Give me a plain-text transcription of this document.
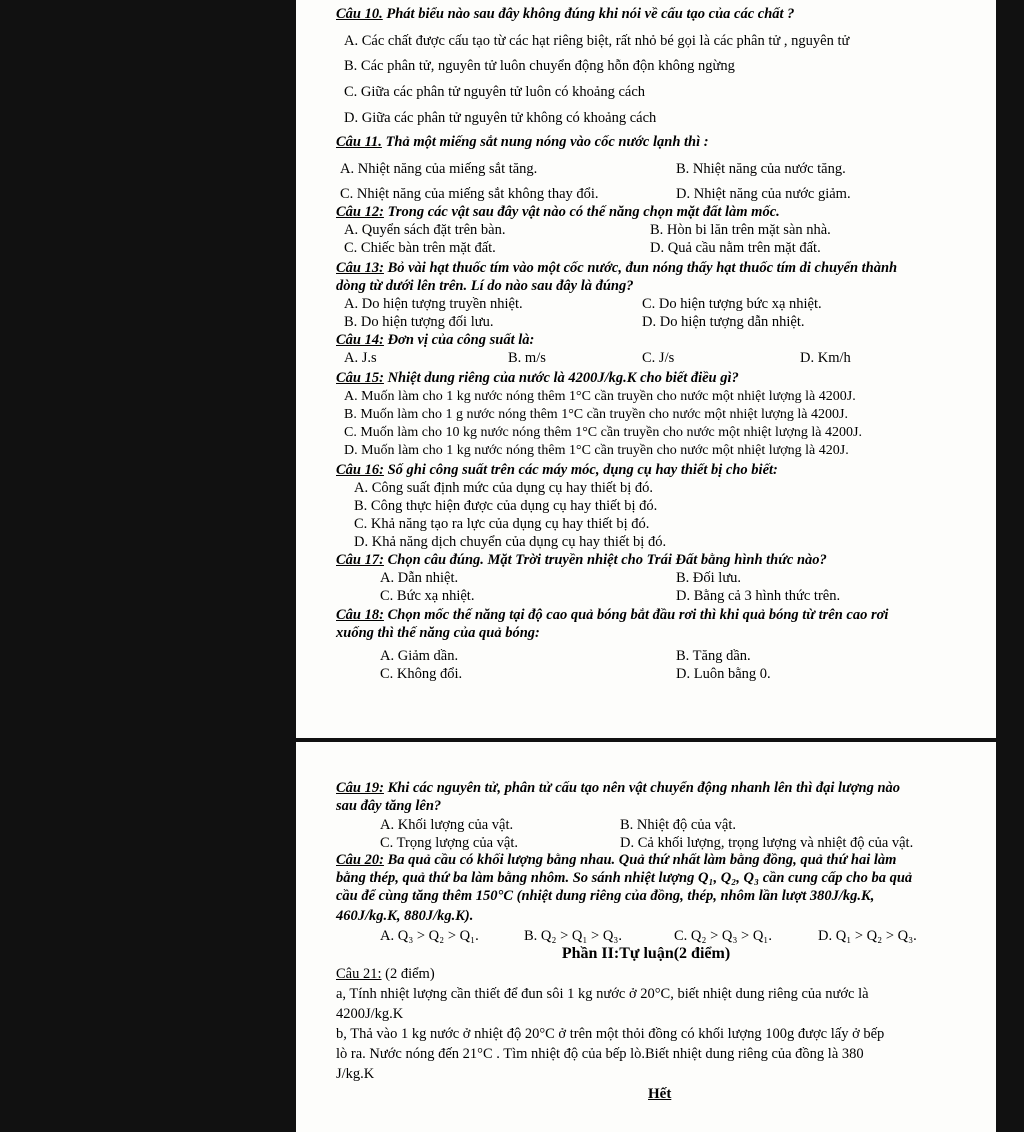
Câu 10. Phát biểu nào sau đây không đúng khi nói về cấu tạo của các chất ?
A. Các chất được cấu tạo từ các hạt riêng biệt, rất nhỏ bé gọi là các phân tử , nguyên tử
B. Các phân tử, nguyên tử luôn chuyển động hỗn độn không ngừng
C. Giữa các phân tử nguyên tử luôn có khoảng cách
D. Giữa các phân tử nguyên tử không có khoảng cách
Câu 11. Thả một miếng sắt nung nóng vào cốc nước lạnh thì :
A. Nhiệt năng của miếng sắt tăng.	B. Nhiệt năng của nước tăng.
C. Nhiệt năng của miếng sắt không thay đổi.	D. Nhiệt năng của nước giảm.
Câu 12: Trong các vật sau đây vật nào có thế năng chọn mặt đất làm mốc.
A. Quyển sách đặt trên bàn.	B. Hòn bi lăn trên mặt sàn nhà.
C. Chiếc bàn trên mặt đất.	D. Quả cầu nằm trên mặt đất.
Câu 13: Bỏ vài hạt thuốc tím vào một cốc nước, đun nóng thấy hạt thuốc tím di chuyển thành
dòng từ dưới lên trên. Lí do nào sau đây là đúng?
A. Do hiện tượng truyền nhiệt.	C. Do hiện tượng bức xạ nhiệt.
B. Do hiện tượng đối lưu.	D. Do hiện tượng dẫn nhiệt.
Câu 14: Đơn vị của công suất là:
A. J.s	B. m/s	C. J/s	D. Km/h
Câu 15: Nhiệt dung riêng của nước là 4200J/kg.K cho biết điều gì?
A. Muốn làm cho 1 kg nước nóng thêm 1°C cần truyền cho nước một nhiệt lượng là 4200J.
B. Muốn làm cho 1 g nước nóng thêm 1°C cần truyền cho nước một nhiệt lượng là 4200J.
C. Muốn làm cho 10 kg nước nóng thêm 1°C cần truyền cho nước một nhiệt lượng là 4200J.
D. Muốn làm cho 1 kg nước nóng thêm 1°C cần truyền cho nước một nhiệt lượng là 420J.
Câu 16: Số ghi công suất trên các máy móc, dụng cụ hay thiết bị cho biết:
A. Công suất định mức của dụng cụ hay thiết bị đó.
B. Công thực hiện được của dụng cụ hay thiết bị đó.
C. Khả năng tạo ra lực của dụng cụ hay thiết bị đó.
D. Khả năng dịch chuyển của dụng cụ hay thiết bị đó.
Câu 17: Chọn câu đúng. Mặt Trời truyền nhiệt cho Trái Đất bằng hình thức nào?
A. Dẫn nhiệt.	B. Đối lưu.
C. Bức xạ nhiệt.	D. Bằng cả 3 hình thức trên.
Câu 18: Chọn mốc thế năng tại độ cao quả bóng bắt đầu rơi thì khi quả bóng từ trên cao rơi
xuống thì thế năng của quả bóng:
A. Giảm dần.	B. Tăng dần.
C. Không đổi.	D. Luôn bằng 0.
Câu 19: Khi các nguyên tử, phân tử cấu tạo nên vật chuyển động nhanh lên thì đại lượng nào
sau đây tăng lên?
A. Khối lượng của vật.	B. Nhiệt độ của vật.
C. Trọng lượng của vật.	D. Cả khối lượng, trọng lượng và nhiệt độ của vật.
Câu 20: Ba quả cầu có khối lượng bằng nhau. Quả thứ nhất làm bằng đồng, quả thứ hai làm
bằng thép, quả thứ ba làm bằng nhôm. So sánh nhiệt lượng Q₁, Q₂, Q₃ cần cung cấp cho ba quả
cầu để cùng tăng thêm 150°C (nhiệt dung riêng của đồng, thép, nhôm lần lượt 380J/kg.K,
460J/kg.K, 880J/kg.K).
A. Q₃ > Q₂ > Q₁.	B. Q₂ > Q₁ > Q₃.	C. Q₂ > Q₃ > Q₁.	D. Q₁ > Q₂ > Q₃.
Phần II:Tự luận(2 điểm)
Câu 21: (2 điểm)
a, Tính nhiệt lượng cần thiết để đun sôi 1 kg nước ở 20°C, biết nhiệt dung riêng của nước là
4200J/kg.K
b, Thả vào 1 kg nước ở nhiệt độ 20°C ở trên một thỏi đồng có khối lượng 100g được lấy ở bếp
lò ra. Nước nóng đến 21°C . Tìm nhiệt độ của bếp lò.Biết nhiệt dung riêng của đồng là 380
J/kg.K
Hết
